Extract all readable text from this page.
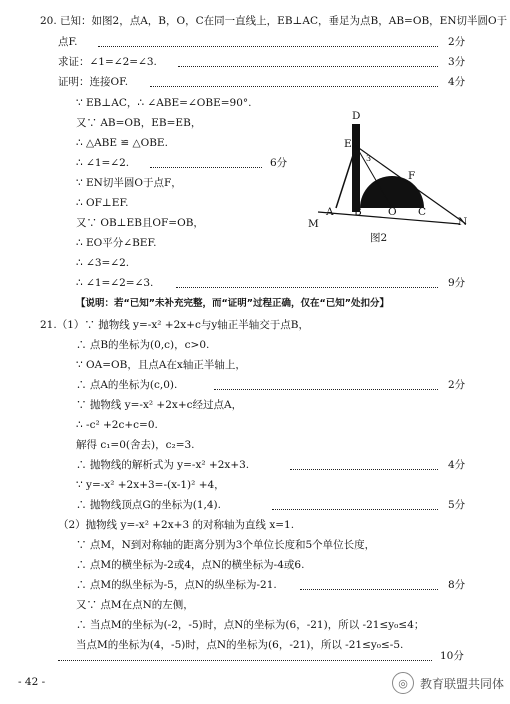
20. 已知：如图2，点A，B，O，C在同一直线上，EB⊥AC，垂足为点B，AB=OB，EN切半圆O于
点F.	2分
求证：∠1=∠2=∠3.	3分
证明：连接OF.	4分
∵ EB⊥AC，∴ ∠ABE=∠OBE=90°.
又∵ AB=OB，EB=EB，
∴ △ABE ≌ △OBE.
∴ ∠1=∠2.	6分
∵ EN切半圆O于点F，
∴ OF⊥EF.
又∵ OB⊥EB且OF=OB，
∴ EO平分∠BEF.
∴ ∠3=∠2.
∴ ∠1=∠2=∠3.	9分
【说明：若“已知”未补充完整，而“证明”过程正确，仅在“已知”处扣分】
D
E
1 3
F
M
A B	O C
N
图2
21.（1）∵ 抛物线 y=-x² +2x+c与y轴正半轴交于点B，
∴ 点B的坐标为(0,c)，c>0.
∵ OA=OB，且点A在x轴正半轴上，
∴ 点A的坐标为(c,0).	2分
∵ 抛物线 y=-x² +2x+c经过点A，
∴ -c² +2c+c=0.
解得 c₁=0(舍去)，c₂=3.
∴ 抛物线的解析式为 y=-x² +2x+3.	4分
∵ y=-x² +2x+3=-(x-1)² +4，
∴ 抛物线顶点G的坐标为(1,4).	5分
（2）抛物线 y=-x² +2x+3 的对称轴为直线 x=1.
∵ 点M，N到对称轴的距离分别为3个单位长度和5个单位长度，
∴ 点M的横坐标为-2或4，点N的横坐标为-4或6.
∴ 点M的纵坐标为-5，点N的纵坐标为-21.	8分
又∵ 点M在点N的左侧，
∴ 当点M的坐标为(-2，-5)时，点N的坐标为(6，-21)，所以 -21≤y₀≤4；
当点M的坐标为(4，-5)时，点N的坐标为(6，-21)，所以 -21≤y₀≤-5.
10分
- 42 -	◎	教育联盟共同体
